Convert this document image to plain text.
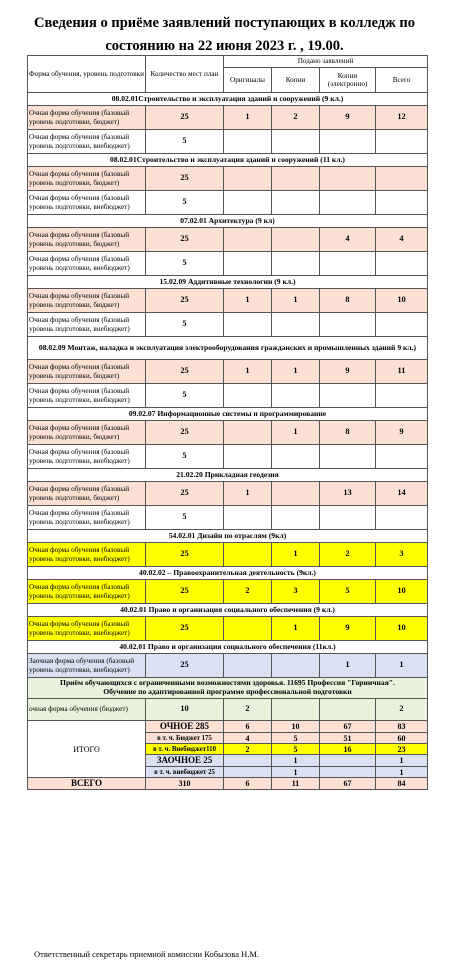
Сведения о приёме заявлений поступающих в колледж по
состоянию на 22 июня 2023 г. , 19.00.
Форма обучения, уровень подготовки	Количество мест план	Подано заявлений			
		Оригиналы	Копии	Копии (электронно)	Всего
08.02.01Строительство и эксплуатация зданий и сооружений (9 кл.)					
Очная форма обучения (базовый уровень подготовки, бюджет)	25	1	2	9	12
Очная форма обучения (базовый уровень подготовки, внебюджет)	5				
08.02.01Строительство и эксплуатация зданий и сооружений (11 кл.)					
Очная форма обучения (базовый уровень подготовки, бюджет)	25				
Очная форма обучения (базовый уровень подготовки, внебюджет)	5				
07.02.01 Архитектура (9 кл)					
Очная форма обучения (базовый уровень подготовки, бюджет)	25			4	4
Очная форма обучения (базовый уровень подготовки, внебюджет)	5				
15.02.09 Аддитивные технологии (9 кл.)					
Очная форма обучения (базовый уровень подготовки, бюджет)	25	1	1	8	10
Очная форма обучения (базовый уровень подготовки, внебюджет)	5				
08.02.09 Монтаж, наладка и эксплуатация электрооборудования гражданских и промышленных зданий 9 кл.)					
Очная форма обучения (базовый уровень подготовки, бюджет)	25	1	1	9	11
Очная форма обучения (базовый уровень подготовки, внебюджет)	5				
09.02.07 Информационные системы и программирование					
Очная форма обучения (базовый уровень подготовки, бюджет)	25		1	8	9
Очная форма обучения (базовый уровень подготовки, внебюджет)	5				
21.02.20 Прикладная геодезия					
Очная форма обучения (базовый уровень подготовки, бюджет)	25	1		13	14
Очная форма обучения (базовый уровень подготовки, внебюджет)	5				
54.02.01 Дизайн по отраслям (9кл)					
Очная форма обучения (базовый уровень подготовки, внебюджет)	25		1	2	3
40.02.02 – Правоохранительная деятельность (9кл.)					
Очная форма обучения (базовый уровень подготовки, внебюджет)	25	2	3	5	10
40.02.01 Право и организация социального обеспечения (9 кл.)					
Очная форма обучения (базовый уровень подготовки, внебюджет)	25		1	9	10
40.02.01 Право и организация социального обеспечения (11кл.)					
Заочная форма обучения (базовый уровень подготовки, внебюджет)	25			1	1

Приём обучающихся с ограниченными возможностями здоровья. 11695 Профессия "Горничная".
Обучение по адаптированной программе профессиональной подготовки					

очная форма обучения (бюджет)	10	2			2
ИТОГО	ОЧНОЕ 285	6	10	67	83
	в т. ч. Бюджет 175	4	5	51	60
	в т. ч. Внебюджет110	2	5	16	23
	ЗАОЧНОЕ 25		1		1
	в т. ч. внебюджет 25		1		1
ВСЕГО	310	6	11	67	84
Ответственный секретарь приемной комиссии Кобызова Н.М.
